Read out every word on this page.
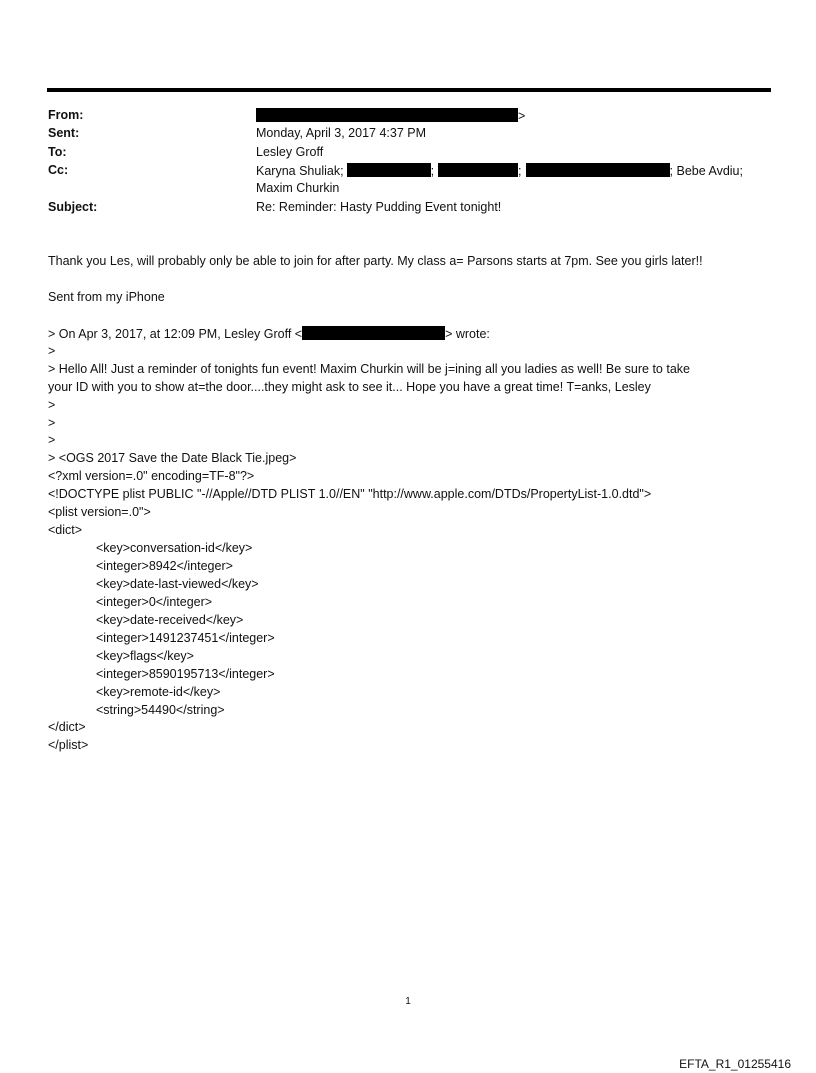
From:	>
Sent:	Monday, April 3, 2017 4:37 PM
To:	Lesley Groff
Cc:	Karyna Shuliak;	;	;	; Bebe Avdiu;
Maxim Churkin
Subject:	Re: Reminder: Hasty Pudding Event tonight!
Thank you Les, will probably only be able to join for after party. My class a= Parsons starts at 7pm. See you girls later!!
Sent from my iPhone
> On Apr 3, 2017, at 12:09 PM, Lesley Groff <	> wrote:
>
> Hello All! Just a reminder of tonights fun event! Maxim Churkin will be j=ining all you ladies as well! Be sure to take
your ID with you to show at=the door....they might ask to see it... Hope you have a great time! T=anks, Lesley
>
>
>
> <OGS 2017 Save the Date Black Tie.jpeg>
<?xml version=.0" encoding=TF-8"?>
<!DOCTYPE plist PUBLIC "-//Apple//DTD PLIST 1.0//EN" "http://www.apple.com/DTDs/PropertyList-1.0.dtd">
<plist version=.0">
<dict>
<key>conversation-id</key>
<integer>8942</integer>
<key>date-last-viewed</key>
<integer>0</integer>
<key>date-received</key>
<integer>1491237451</integer>
<key>flags</key>
<integer>8590195713</integer>
<key>remote-id</key>
<string>54490</string>
</dict>
</plist>
1
EFTA_R1_01255416
